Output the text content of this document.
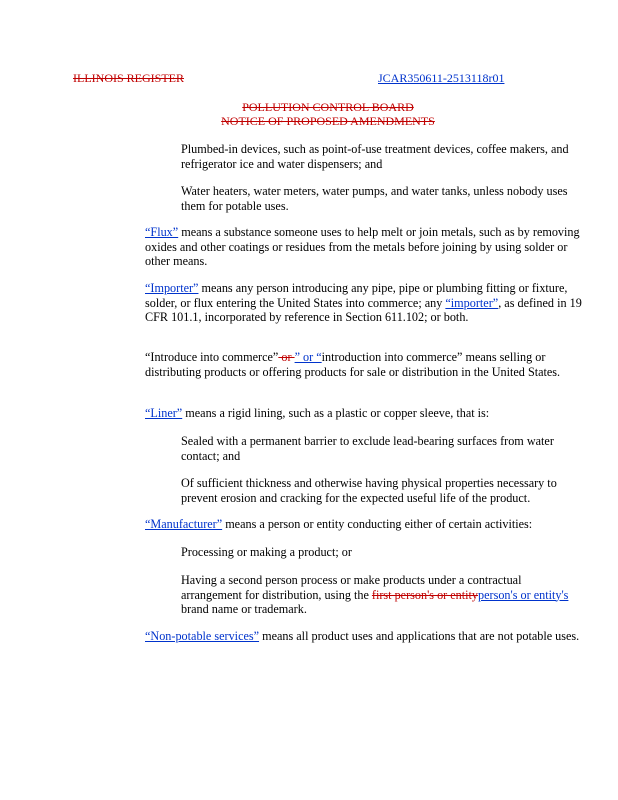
ILLINOIS REGISTER	JCAR350611-2513118r01
POLLUTION CONTROL BOARD
NOTICE OF PROPOSED AMENDMENTS

Plumbed-in devices, such as point-of-use treatment devices, coffee makers, and refrigerator ice and water dispensers; and

Water heaters, water meters, water pumps, and water tanks, unless nobody uses them for potable uses.

“Flux” means a substance someone uses to help melt or join metals, such as by removing oxides and other coatings or residues from the metals before joining by using solder or other means.

“Importer” means any person introducing any pipe, pipe or plumbing fitting or fixture, solder, or flux entering the United States into commerce; any “importer”, as defined in 19 CFR 101.1, incorporated by reference in Section 611.102; or both.

“Introduce into commerce” or ” or “introduction into commerce” means selling or distributing products or offering products for sale or distribution in the United States.

“Liner” means a rigid lining, such as a plastic or copper sleeve, that is:

Sealed with a permanent barrier to exclude lead-bearing surfaces from water contact; and

Of sufficient thickness and otherwise having physical properties necessary to prevent erosion and cracking for the expected useful life of the product.

“Manufacturer” means a person or entity conducting either of certain activities:

Processing or making a product; or

Having a second person process or make products under a contractual arrangement for distribution, using the first person's or entityperson's or entity's brand name or trademark.

“Non-potable services” means all product uses and applications that are not potable uses.
